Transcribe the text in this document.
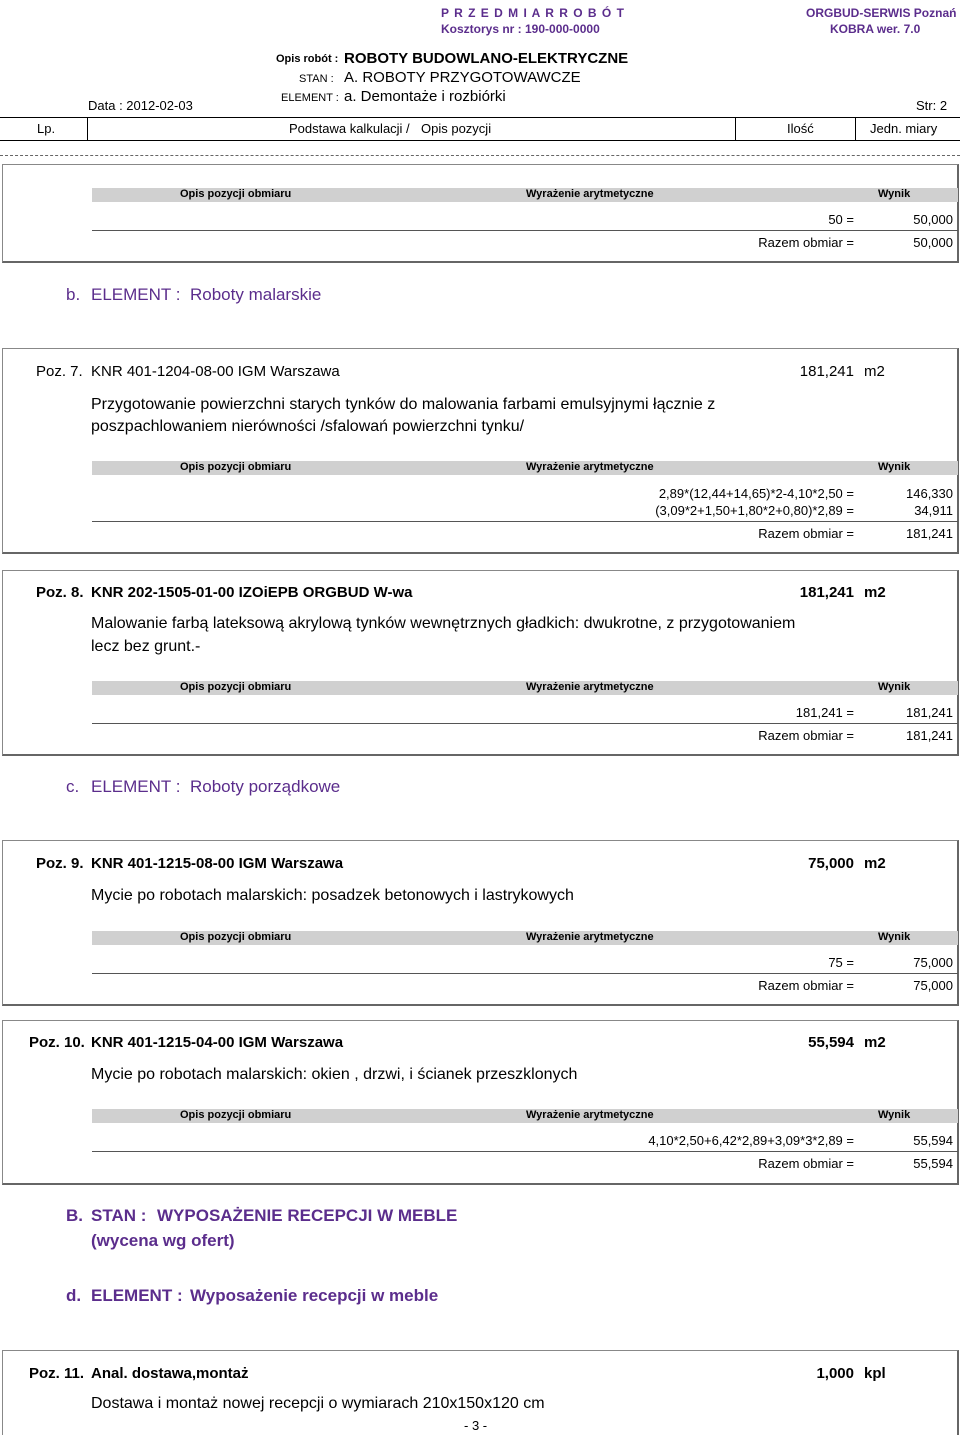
P R Z E D M I A R R O B Ó T
Kosztorys nr : 190-000-0000
ORGBUD-SERWIS Poznań
KOBRA wer. 7.0
Opis robót : ROBOTY BUDOWLANO-ELEKTRYCZNE
STAN : A. ROBOTY PRZYGOTOWAWCZE
ELEMENT : a. Demontaże i rozbiórki
Data : 2012-02-03	Str: 2
Lp.	Podstawa kalkulacji / Opis pozycji	Ilość	Jedn. miary
Opis pozycji obmiaru	Wyrażenie arytmetyczne	Wynik
50 =	50,000
Razem obmiar =	50,000
b. ELEMENT : Roboty malarskie
Poz. 7. KNR 401-1204-08-00 IGM Warszawa	181,241 m2
Przygotowanie powierzchni starych tynków do malowania farbami emulsyjnymi łącznie z
poszpachlowaniem nierówności /sfalowań powierzchni tynku/
Opis pozycji obmiaru	Wyrażenie arytmetyczne	Wynik
2,89*(12,44+14,65)*2-4,10*2,50 =	146,330
(3,09*2+1,50+1,80*2+0,80)*2,89 =	34,911
Razem obmiar =	181,241
Poz. 8. KNR 202-1505-01-00 IZOiEPB ORGBUD W-wa	181,241 m2
Malowanie farbą lateksową akrylową tynków wewnętrznych gładkich: dwukrotne, z przygotowaniem
lecz bez grunt.-
Opis pozycji obmiaru	Wyrażenie arytmetyczne	Wynik
181,241 =	181,241
Razem obmiar =	181,241
c. ELEMENT : Roboty porządkowe
Poz. 9. KNR 401-1215-08-00 IGM Warszawa	75,000 m2
Mycie po robotach malarskich: posadzek betonowych i lastrykowych
Opis pozycji obmiaru	Wyrażenie arytmetyczne	Wynik
75 =	75,000
Razem obmiar =	75,000
Poz. 10. KNR 401-1215-04-00 IGM Warszawa	55,594 m2
Mycie po robotach malarskich: okien , drzwi, i ścianek przeszklonych
Opis pozycji obmiaru	Wyrażenie arytmetyczne	Wynik
4,10*2,50+6,42*2,89+3,09*3*2,89 =	55,594
Razem obmiar =	55,594
B. STAN : WYPOSAŻENIE RECEPCJI W MEBLE
(wycena wg ofert)
d. ELEMENT : Wyposażenie recepcji w meble
Poz. 11. Anal. dostawa,montaż	1,000 kpl
Dostawa i montaż nowej recepcji o wymiarach 210x150x120 cm
- 3 -
